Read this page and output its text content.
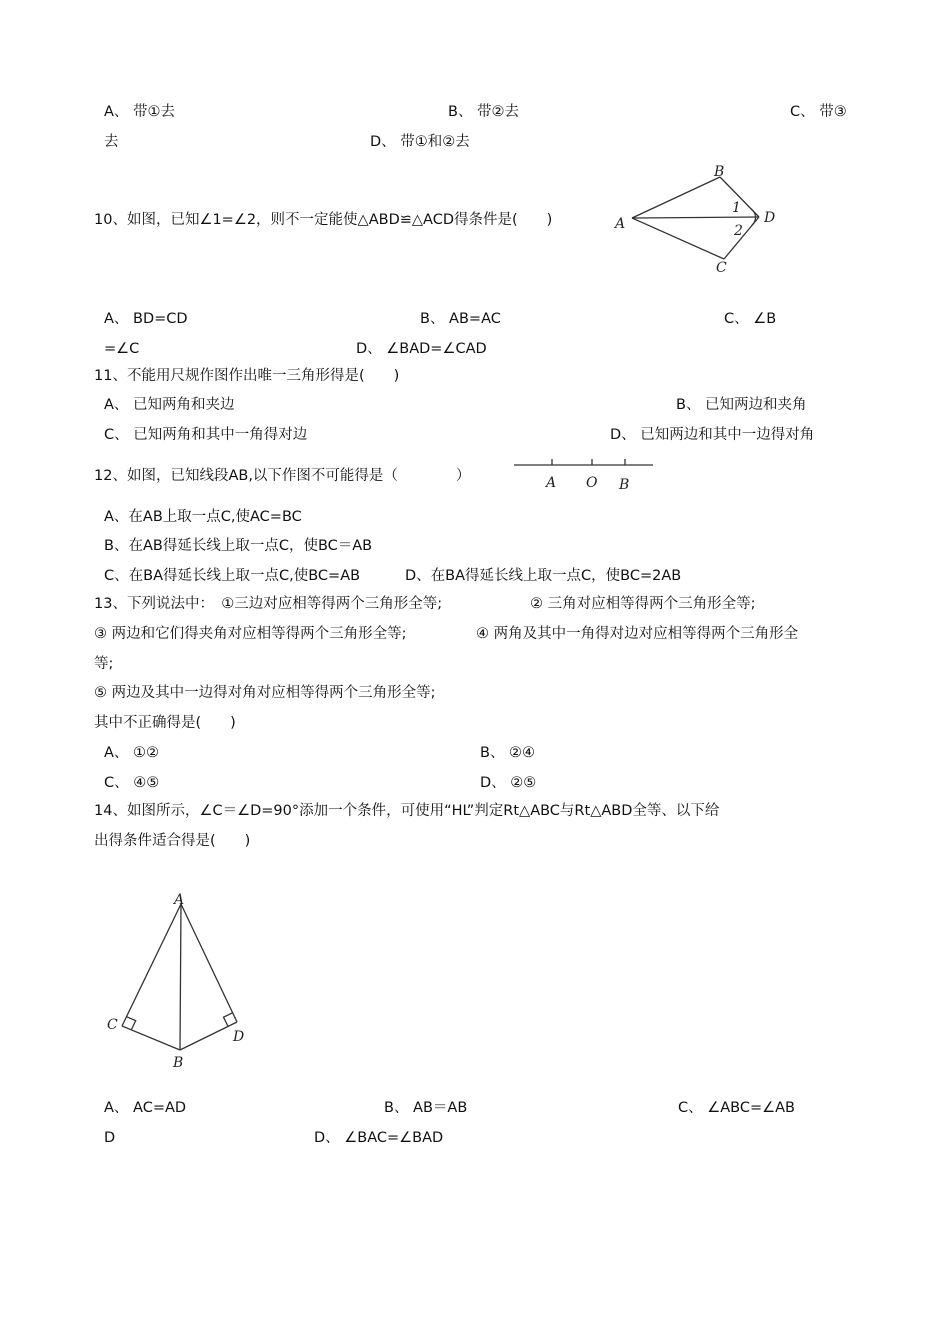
A、 带①去	B、 带②去	C、 带③
去	D、 带①和②去
10、如图，已知∠1=∠2，则不一定能使△ABD≌△ACD得条件是(　　)
B
A	D
C
1
2
A、 BD=CD	B、 AB=AC	C、 ∠B
=∠C	D、 ∠BAD=∠CAD
11、不能用尺规作图作出唯一三角形得是(　　)
A、 已知两角和夹边	B、 已知两边和夹角
C、 已知两角和其中一角得对边	D、 已知两边和其中一边得对角
12、如图，已知线段AB,以下作图不可能得是（　　　　）	A O B
A、在AB上取一点C,使AC=BC
B、在AB得延长线上取一点C，使BC＝AB
C、在BA得延长线上取一点C,使BC=AB	D、在BA得延长线上取一点C，使BC=2AB
13、下列说法中：　①三边对应相等得两个三角形全等;	② 三角对应相等得两个三角形全等;
③ 两边和它们得夹角对应相等得两个三角形全等;	④ 两角及其中一角得对边对应相等得两个三角形全
等;
⑤ 两边及其中一边得对角对应相等得两个三角形全等;
其中不正确得是(　　)
A、 ①②	B、 ②④
C、 ④⑤	D、 ②⑤
14、如图所示，∠C＝∠D=90°添加一个条件，可使用“HL”判定Rt△ABC与Rt△ABD全等、以下给
出得条件适合得是(　　)
A
C
D
B
A、 AC=AD	B、 AB＝AB	C、 ∠ABC=∠AB
D	D、 ∠BAC=∠BAD
